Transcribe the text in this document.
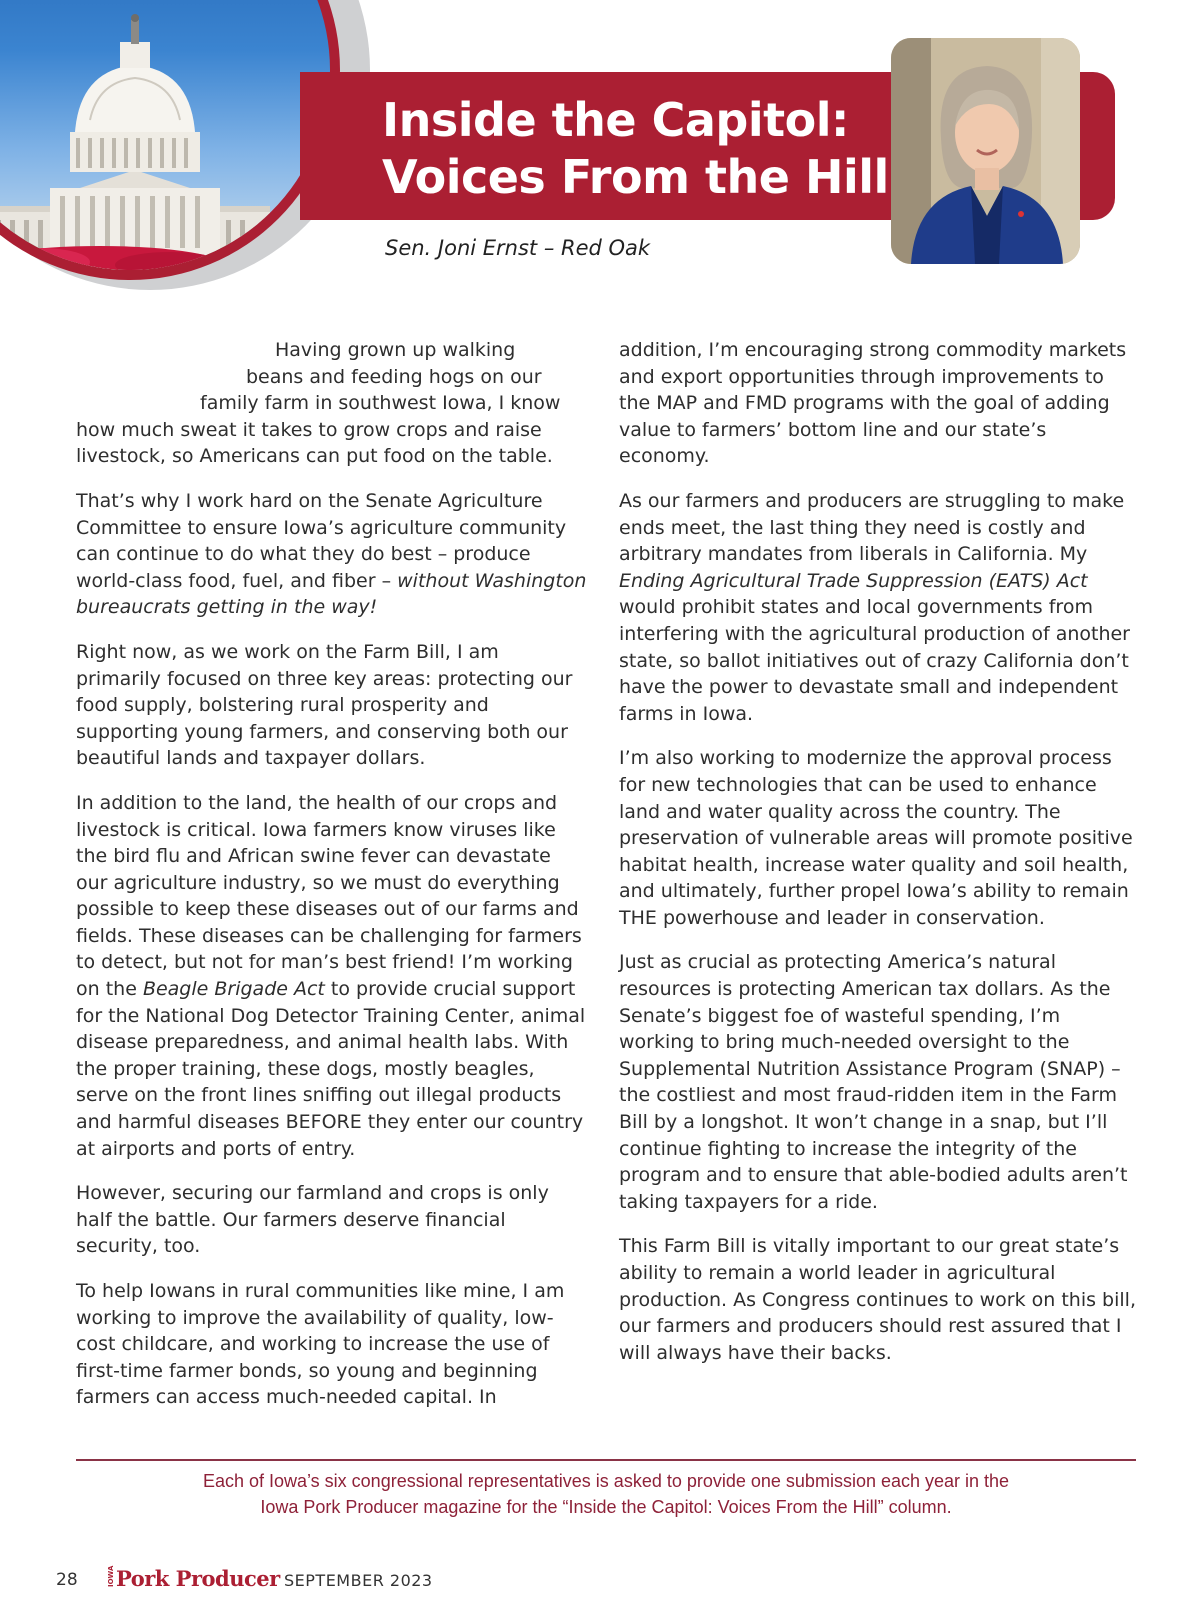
Inside the Capitol:
Voices From the Hill

Sen. Joni Ernst – Red Oak

Having grown up walking
beans and feeding hogs on our
family farm in southwest Iowa, I know
how much sweat it takes to grow crops and raise livestock, so Americans can put food on the table.

That’s why I work hard on the Senate Agriculture Committee to ensure Iowa’s agriculture community can continue to do what they do best – produce world-class food, fuel, and fiber – without Washington bureaucrats getting in the way!

Right now, as we work on the Farm Bill, I am primarily focused on three key areas: protecting our food supply, bolstering rural prosperity and supporting young farmers, and conserving both our beautiful lands and taxpayer dollars.

In addition to the land, the health of our crops and livestock is critical. Iowa farmers know viruses like the bird flu and African swine fever can devastate our agriculture industry, so we must do everything possible to keep these diseases out of our farms and fields. These diseases can be challenging for farmers to detect, but not for man’s best friend! I’m working on the Beagle Brigade Act to provide crucial support for the National Dog Detector Training Center, animal disease preparedness, and animal health labs. With the proper training, these dogs, mostly beagles, serve on the front lines sniffing out illegal products and harmful diseases BEFORE they enter our country at airports and ports of entry.

However, securing our farmland and crops is only half the battle. Our farmers deserve financial security, too.

To help Iowans in rural communities like mine, I am working to improve the availability of quality, low-cost childcare, and working to increase the use of first-time farmer bonds, so young and beginning farmers can access much-needed capital. In

addition, I’m encouraging strong commodity markets and export opportunities through improvements to the MAP and FMD programs with the goal of adding value to farmers’ bottom line and our state’s economy.

As our farmers and producers are struggling to make ends meet, the last thing they need is costly and arbitrary mandates from liberals in California. My Ending Agricultural Trade Suppression (EATS) Act would prohibit states and local governments from interfering with the agricultural production of another state, so ballot initiatives out of crazy California don’t have the power to devastate small and independent farms in Iowa.

I’m also working to modernize the approval process for new technologies that can be used to enhance land and water quality across the country. The preservation of vulnerable areas will promote positive habitat health, increase water quality and soil health, and ultimately, further propel Iowa’s ability to remain THE powerhouse and leader in conservation.

Just as crucial as protecting America’s natural resources is protecting American tax dollars. As the Senate’s biggest foe of wasteful spending, I’m working to bring much-needed oversight to the Supplemental Nutrition Assistance Program (SNAP) – the costliest and most fraud-ridden item in the Farm Bill by a longshot. It won’t change in a snap, but I’ll continue fighting to increase the integrity of the program and to ensure that able-bodied adults aren’t taking taxpayers for a ride.

This Farm Bill is vitally important to our great state’s ability to remain a world leader in agricultural production. As Congress continues to work on this bill, our farmers and producers should rest assured that I will always have their backs.

Each of Iowa’s six congressional representatives is asked to provide one submission each year in the
Iowa Pork Producer magazine for the “Inside the Capitol: Voices From the Hill” column.

28	IOWAPork Producer SEPTEMBER 2023
